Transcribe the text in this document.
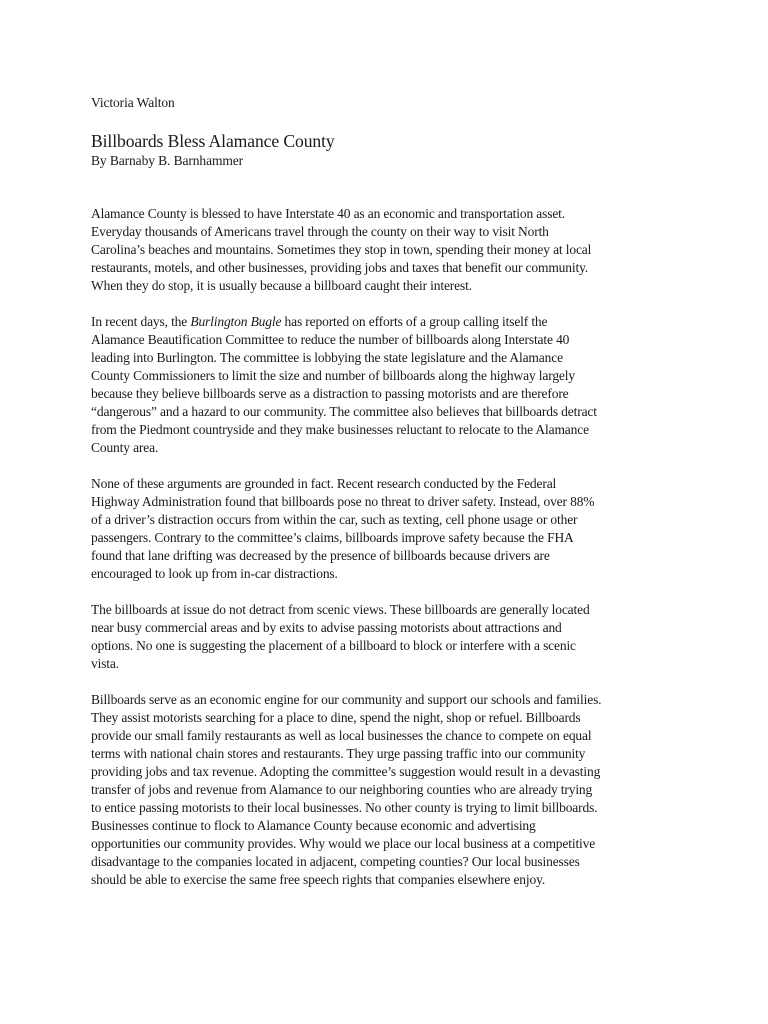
Victoria Walton

Billboards Bless Alamance County

By Barnaby B. Barnhammer

Alamance County is blessed to have Interstate 40 as an economic and transportation asset.
Everyday thousands of Americans travel through the county on their way to visit North
Carolina’s beaches and mountains. Sometimes they stop in town, spending their money at local
restaurants, motels, and other businesses, providing jobs and taxes that benefit our community.
When they do stop, it is usually because a billboard caught their interest.

In recent days, the Burlington Bugle has reported on efforts of a group calling itself the
Alamance Beautification Committee to reduce the number of billboards along Interstate 40
leading into Burlington. The committee is lobbying the state legislature and the Alamance
County Commissioners to limit the size and number of billboards along the highway largely
because they believe billboards serve as a distraction to passing motorists and are therefore
“dangerous” and a hazard to our community. The committee also believes that billboards detract
from the Piedmont countryside and they make businesses reluctant to relocate to the Alamance
County area.

None of these arguments are grounded in fact. Recent research conducted by the Federal
Highway Administration found that billboards pose no threat to driver safety. Instead, over 88%
of a driver’s distraction occurs from within the car, such as texting, cell phone usage or other
passengers. Contrary to the committee’s claims, billboards improve safety because the FHA
found that lane drifting was decreased by the presence of billboards because drivers are
encouraged to look up from in-car distractions.

The billboards at issue do not detract from scenic views. These billboards are generally located
near busy commercial areas and by exits to advise passing motorists about attractions and
options. No one is suggesting the placement of a billboard to block or interfere with a scenic
vista.

Billboards serve as an economic engine for our community and support our schools and families.
They assist motorists searching for a place to dine, spend the night, shop or refuel. Billboards
provide our small family restaurants as well as local businesses the chance to compete on equal
terms with national chain stores and restaurants. They urge passing traffic into our community
providing jobs and tax revenue. Adopting the committee’s suggestion would result in a devasting
transfer of jobs and revenue from Alamance to our neighboring counties who are already trying
to entice passing motorists to their local businesses. No other county is trying to limit billboards.
Businesses continue to flock to Alamance County because economic and advertising
opportunities our community provides. Why would we place our local business at a competitive
disadvantage to the companies located in adjacent, competing counties? Our local businesses
should be able to exercise the same free speech rights that companies elsewhere enjoy.
